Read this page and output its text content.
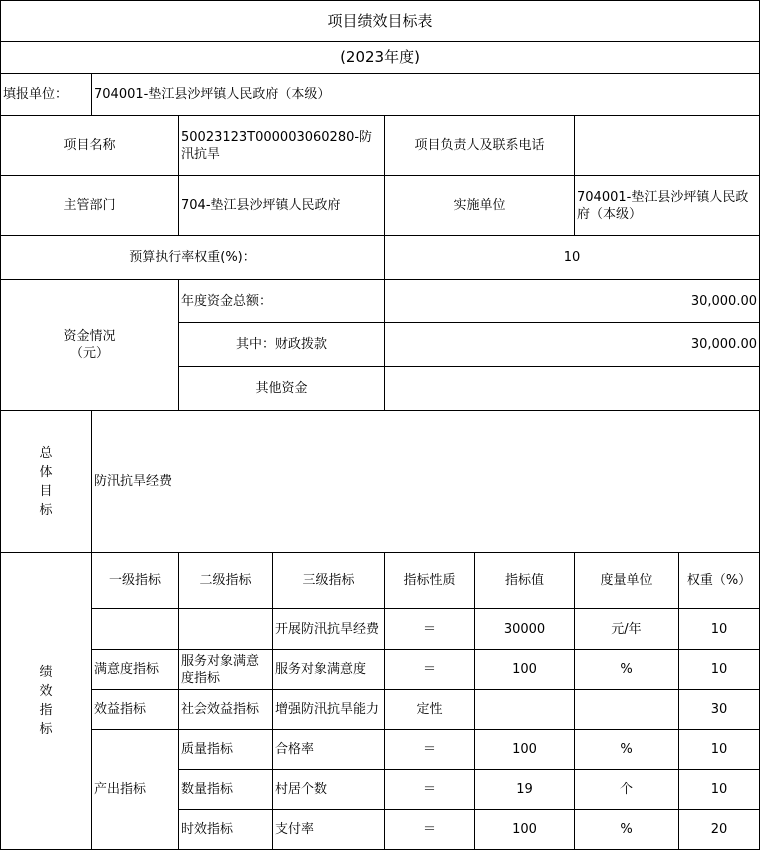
项目绩效目标表							
(2023年度)							
填报单位：	704001-垫江县沙坪镇人民政府（本级）						
项目名称		50023123T000003060280-防汛抗旱		项目负责人及联系电话			
主管部门		704-垫江县沙坪镇人民政府		实施单位		704001-垫江县沙坪镇人民政府（本级）	
预算执行率权重(%)：				10			

资金情况
（元）		年度资金总额：		30,000.00			
		其中：财政拨款		30,000.00			
		其他资金					

总
体
目
标	防汛抗旱经费						

绩
效
指
标	一级指标	二级指标	三级指标	指标性质	指标值	度量单位	权重（%）
			开展防汛抗旱经费	＝	30000	元/年	10
	满意度指标	服务对象满意度指标	服务对象满意度	＝	100	%	10
	效益指标	社会效益指标	增强防汛抗旱能力	定性			30
	产出指标	质量指标	合格率	＝	100	%	10
		数量指标	村居个数	＝	19	个	10
		时效指标	支付率	＝	100	%	20
